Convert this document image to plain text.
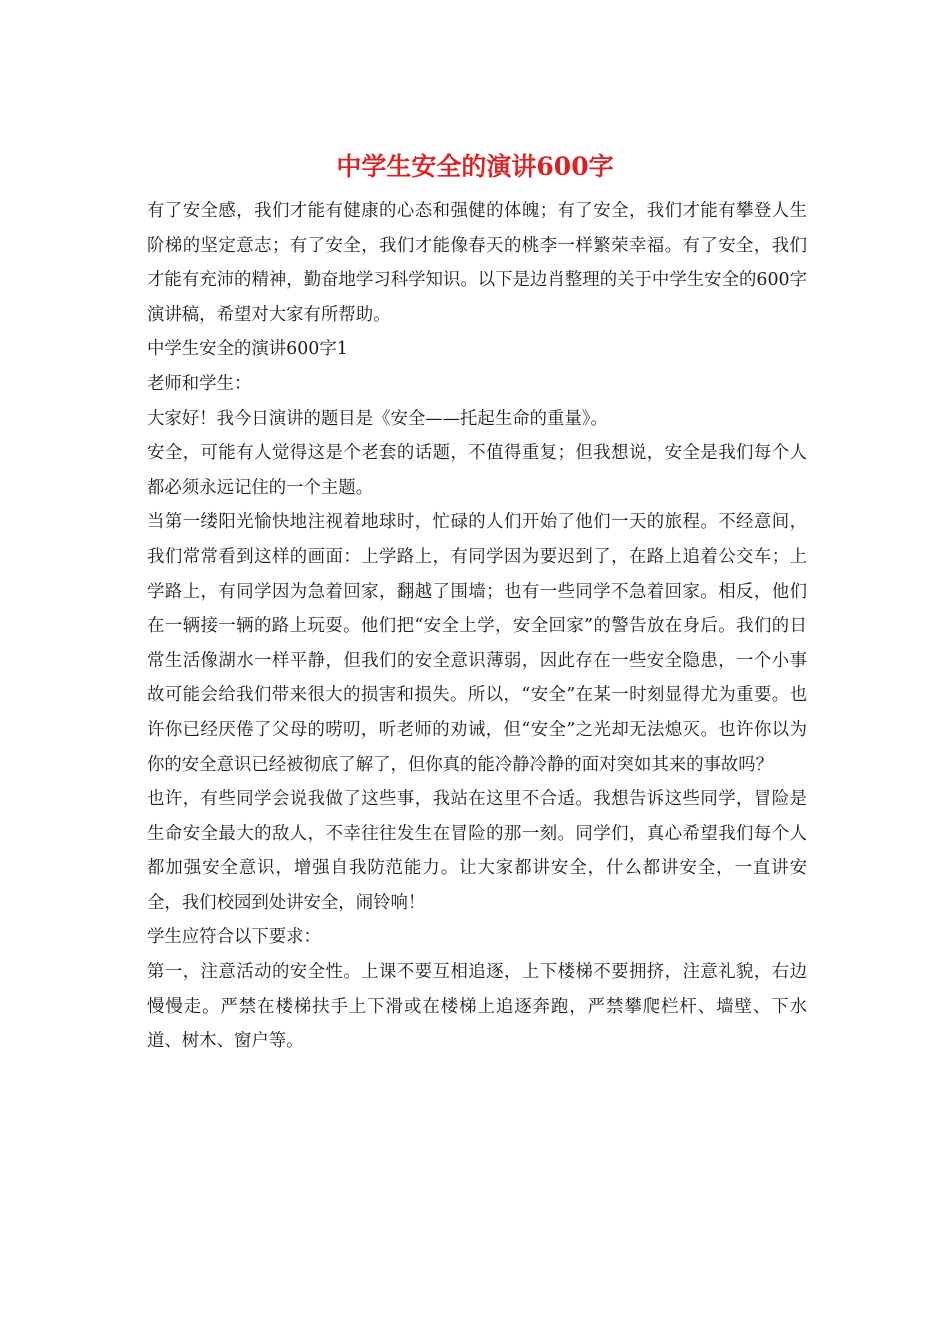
中学生安全的演讲600字

有了安全感，我们才能有健康的心态和强健的体魄；有了安全，我们才能有攀登人生阶梯的坚定意志；有了安全，我们才能像春天的桃李一样繁荣幸福。有了安全，我们才能有充沛的精神，勤奋地学习科学知识。以下是边肖整理的关于中学生安全的600字演讲稿，希望对大家有所帮助。

中学生安全的演讲600字1

老师和学生：

大家好！我今日演讲的题目是《安全——托起生命的重量》。

安全，可能有人觉得这是个老套的话题，不值得重复；但我想说，安全是我们每个人都必须永远记住的一个主题。

当第一缕阳光愉快地注视着地球时，忙碌的人们开始了他们一天的旅程。不经意间，我们常常看到这样的画面：上学路上，有同学因为要迟到了，在路上追着公交车；上学路上，有同学因为急着回家，翻越了围墙；也有一些同学不急着回家。相反，他们在一辆接一辆的路上玩耍。他们把“安全上学，安全回家”的警告放在身后。我们的日常生活像湖水一样平静，但我们的安全意识薄弱，因此存在一些安全隐患，一个小事故可能会给我们带来很大的损害和损失。所以，“安全”在某一时刻显得尤为重要。也许你已经厌倦了父母的唠叨，听老师的劝诫，但“安全”之光却无法熄灭。也许你以为你的安全意识已经被彻底了解了，但你真的能冷静冷静的面对突如其来的事故吗？

也许，有些同学会说我做了这些事，我站在这里不合适。我想告诉这些同学，冒险是生命安全最大的敌人，不幸往往发生在冒险的那一刻。同学们，真心希望我们每个人都加强安全意识，增强自我防范能力。让大家都讲安全，什么都讲安全，一直讲安全，我们校园到处讲安全，闹铃响！

学生应符合以下要求：

第一，注意活动的安全性。上课不要互相追逐，上下楼梯不要拥挤，注意礼貌，右边慢慢走。严禁在楼梯扶手上下滑或在楼梯上追逐奔跑，严禁攀爬栏杆、墙壁、下水道、树木、窗户等。
